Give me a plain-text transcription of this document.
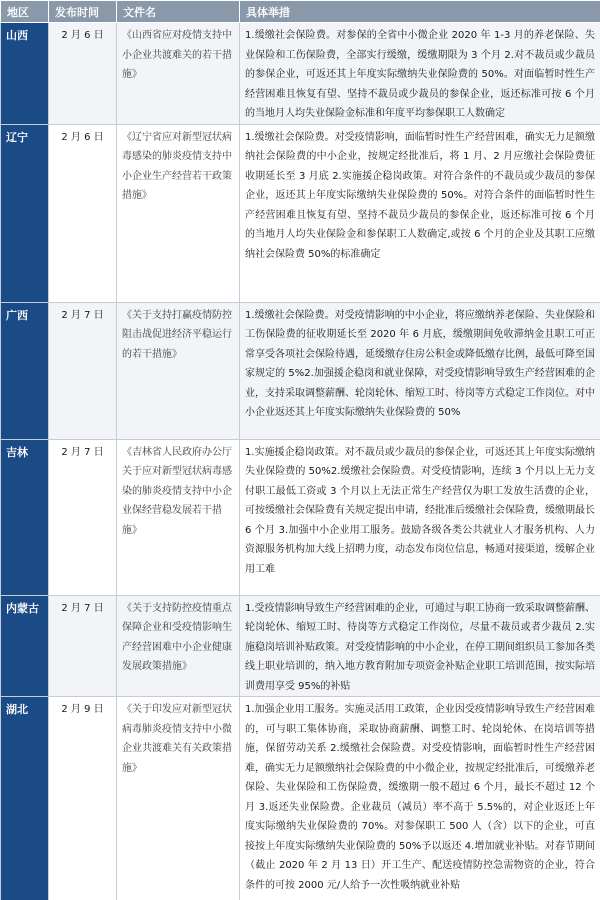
地区	发布时间	文件名	具体举措
山西	2 月 6 日	《山西省应对疫情支持中小企业共渡难关的若干措施》	1.缓缴社会保险费。对参保的全省中小微企业 2020 年 1-3 月的养老保险、失业保险和工伤保险费，全部实行缓缴，缓缴期限为 3 个月 2.对不裁员或少裁员的参保企业，可返还其上年度实际缴纳失业保险费的 50%。对面临暂时性生产经营困难且恢复有望、坚持不裁员或少裁员的参保企业，返还标准可按 6 个月的当地月人均失业保险金标准和年度平均参保职工人数确定
辽宁	2 月 6 日	《辽宁省应对新型冠状病毒感染的肺炎疫情支持中小企业生产经营若干政策措施》	1.缓缴社会保险费。对受疫情影响，面临暂时性生产经营困难，确实无力足额缴纳社会保险费的中小企业，按规定经批准后，将 1 月、2 月应缴社会保险费征收期延长至 3 月底 2.实施援企稳岗政策。对符合条件的不裁员或少裁员的参保企业，返还其上年度实际缴纳失业保险费的 50%。对符合条件的面临暂时性生产经营困难且恢复有望、坚持不裁员少裁员的参保企业，返还标准可按 6 个月的当地月人均失业保险金和参保职工人数确定,或按 6 个月的企业及其职工应缴纳社会保险费 50%的标准确定
广西	2 月 7 日	《关于支持打赢疫情防控阻击战促进经济平稳运行的若干措施》	1.缓缴社会保险费。对受疫情影响的中小企业，将应缴纳养老保险、失业保险和工伤保险费的征收期延长至 2020 年 6 月底，缓缴期间免收滞纳金且职工可正常享受各项社会保险待遇，延缓缴存住房公积金或降低缴存比例，最低可降至国家规定的 5%2.加强援企稳岗和就业保障，对受疫情影响导致生产经营困难的企业，支持采取调整薪酬、轮岗轮休、缩短工时、待岗等方式稳定工作岗位。对中小企业返还其上年度实际缴纳失业保险费的 50%
吉林	2 月 7 日	《吉林省人民政府办公厅关于应对新型冠状病毒感染的肺炎疫情支持中小企业保经营稳发展若干措施》	1.实施援企稳岗政策。对不裁员或少裁员的参保企业，可返还其上年度实际缴纳失业保险费的 50%2.缓缴社会保险费。对受疫情影响，连续 3 个月以上无力支付职工最低工资或 3 个月以上无法正常生产经营仅为职工发放生活费的企业，可按缓缴社会保险费有关规定提出申请，经批准后缓缴社会保险费，缓缴期最长 6 个月 3.加强中小企业用工服务。鼓励各级各类公共就业人才服务机构、人力资源服务机构加大线上招聘力度，动态发布岗位信息，畅通对接渠道，缓解企业用工难
内蒙古	2 月 7 日	《关于支持防控疫情重点保障企业和受疫情影响生产经营困难中小企业健康发展政策措施》	1.受疫情影响导致生产经营困难的企业，可通过与职工协商一致采取调整薪酬、轮岗轮休、缩短工时、待岗等方式稳定工作岗位，尽量不裁员或者少裁员 2.实施稳岗培训补贴政策。对受疫情影响的中小企业，在停工期间组织员工参加各类线上职业培训的，纳入地方教育附加专项资金补贴企业职工培训范围，按实际培训费用享受 95%的补贴
湖北	2 月 9 日	《关于印发应对新型冠状病毒肺炎疫情支持中小微企业共渡难关有关政策措施》	1.加强企业用工服务。实施灵活用工政策，企业因受疫情影响导致生产经营困难的，可与职工集体协商，采取协商薪酬、调整工时、轮岗轮休、在岗培训等措施，保留劳动关系 2.缓缴社会保险费。对受疫情影响，面临暂时性生产经营困难，确实无力足额缴纳社会保险费的中小微企业，按规定经批准后，可缓缴养老保险、失业保险和工伤保险费，缓缴期一般不超过 6 个月，最长不超过 12 个月 3.返还失业保险费。企业裁员（减员）率不高于 5.5%的，对企业返还上年度实际缴纳失业保险费的 70%。对参保职工 500 人（含）以下的企业，可直接按上年度实际缴纳失业保险费的 50%予以返还 4.增加就业补贴。对春节期间（截止 2020 年 2 月 13 日）开工生产、配送疫情防控急需物资的企业，符合条件的可按 2000 元/人给予一次性吸纳就业补贴
